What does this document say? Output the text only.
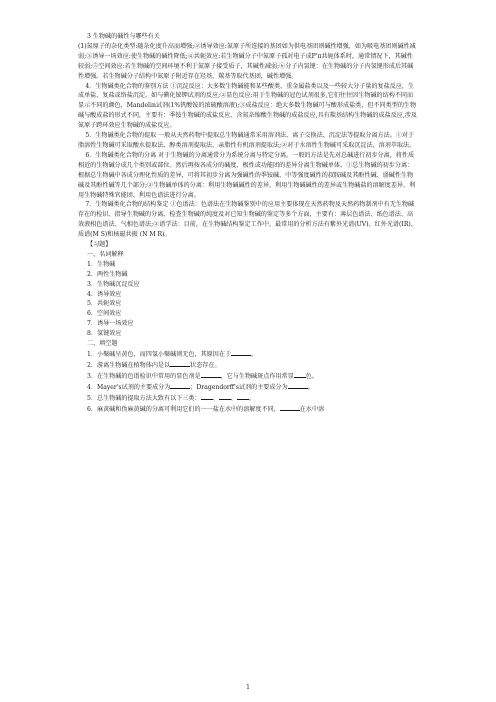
3 生物碱的碱性与哪些有关

(1)氮原子的杂化类型:随杂化度升高而增强;②诱导效应:氮原子所连接的基团如为供电基团则碱性增强，如为吸电基团则碱性减弱;③诱导一场效应:使生物碱的碱性降低;④共轭效应:若生物碱分子中氮原子孤对电子成P'π共轭体系时，通常情况下，其碱性较弱;⑤空间效应:若生物碱的空间环境不利于氮原子接受质子，其碱性减弱;⑥分子内氢键：在生物碱的分子内氢键形成后其碱性增强。若生物碱分子结构中氮原子附近存在羟基、羰基等取代基团，碱性增强。

4．生物碱类化合物的鉴别方法 ①沉淀反应：大多数生物碱能和某些酸类、重金属盐类以及一些较大分子量的复盐反应，生成单盐、复盐或络盐沉淀。如与碘化铋钾试剂的反应;②显色反应:用于生物碱的冠色试剂很多,它们往往因生物碱的结构不同而显示不同的颜色，Mandelin试剂(1%钒酸铵的浓硫酸溶液);③成盐反应：绝大多数生物碱可与酸形成盐类，但不同类型的生物碱与酸成盐的形式不同，主要有：季铵生物碱的成盐反应、含氮杂缩酸生物碱的成盐反应,具有羰基结构生物碱的成盐反应,涉及氮原子跨环效应生物碱的成盐反应。

5．生物碱类化合物的提取 一般从天然药物中提取总生物碱通常采用溶剂法、离子交换法、沉淀法等提取分离方法。①对于脂溶性生物碱可采取酸水提取法、醇类溶剂提取法、亲脂性有机溶剂提取法;②对于水溶性生物碱可采取沉淀法、溶剂萃取法。

6．生物碱类化合物的分离 对于生物碱的分离通常分为系统分离与特定分离。一般的方法是先对总碱进行初步分离，将性质相近的生物碱分成几个类别或部位。然后再按各成分的碱度、极性或功能团的差异分离生物碱单体。①总生物碱的初步分离：根据总生物碱中各成分理化性质的差异，可将其初步分离为强碱性的季铵碱、中等强度碱性的叔胺碱及其酚性碱、弱碱性生物碱及其酚性碱等几个部分;②生物碱单体的分离：利用生物碱碱性的差异、利用生物碱碱性的差异或生物碱盐的溶解度差异、利用生物碱特殊官能团、利用色谱法进行分离。

7．生物碱类化合物的结构鉴定 ①色谱法：色谱法在生物碱鉴别中的应用主要体现在天然药物及天然药物制剂中有无生物碱存在的检识、指导生物碱的分离、检查生物碱的纯度及对已知生物碱的鉴定等多个方面，主要有：薄层色谱法、纸色谱法、高效液相色谱法、气相色谱法;②谱学法：目前，在生物碱结构鉴定工作中，最常用的分析方法有紫外光谱(UV)、红外光谱(IR)、质谱(M S)和核磁共振 (N M R)。

【习题】

一、名词解释

1．生物碱

2．两性生物碱

3．生物碱沉淀反应

4．诱导效应

5．共轭效应

6．空间效应

7．诱导一场效应

8．氢键效应

二、填空题

1．小檗碱呈黄色，而四氢小檗碱则无色，其原因在于	。

2．游离生物碱在植物体内是以	状态存在。

3．在生物碱的色谱检识中常用的显色剂是	，它与生物碱斑点作用常显 色。

4．Mayer's试剂的主要成分为	；Dragendorff's试剂的主要成分为	。

5．总生物碱的提取方法大致有以下三类： 、 、 。

6．麻黄碱和伪麻黄碱的分离可利用它们的一一盐在水中的溶解度不同，	在水中溶

1
